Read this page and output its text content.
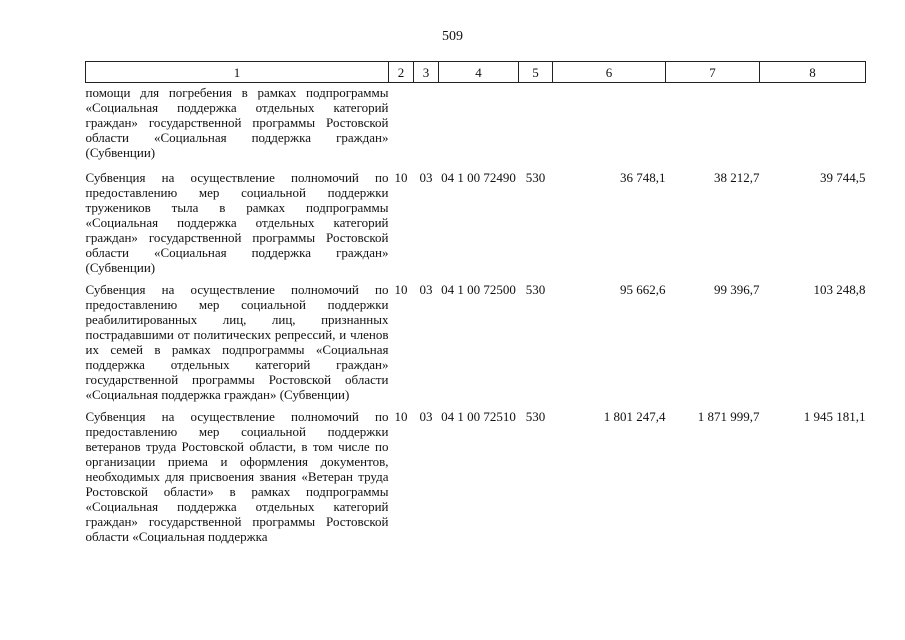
509
1	2	3	4	5	6	7	8
помощи для погребения в рамках подпрограммы «Социальная поддержка отдельных категорий граждан» государственной программы Ростовской области «Социальная поддержка граждан» (Субвенции)							
Субвенция на осуществление полномочий по предоставлению мер социальной поддержки тружеников тыла в рамках подпрограммы «Социальная поддержка отдельных категорий граждан» государственной программы Ростовской области «Социальная поддержка граждан» (Субвенции)	10	03	04 1 00 72490	530	36 748,1	38 212,7	39 744,5
Субвенция на осуществление полномочий по предоставлению мер социальной поддержки реабилитированных лиц, лиц, признанных пострадавшими от политических репрессий, и членов их семей в рамках подпрограммы «Социальная поддержка отдельных категорий граждан» государственной программы Ростовской области «Социальная поддержка граждан» (Субвенции)	10	03	04 1 00 72500	530	95 662,6	99 396,7	103 248,8
Субвенция на осуществление полномочий по предоставлению мер социальной поддержки ветеранов труда Ростовской области, в том числе по организации приема и оформления документов, необходимых для присвоения звания «Ветеран труда Ростовской области» в рамках подпрограммы «Социальная поддержка отдельных категорий граждан» государственной программы Ростовской области «Социальная поддержка	10	03	04 1 00 72510	530	1 801 247,4	1 871 999,7	1 945 181,1
